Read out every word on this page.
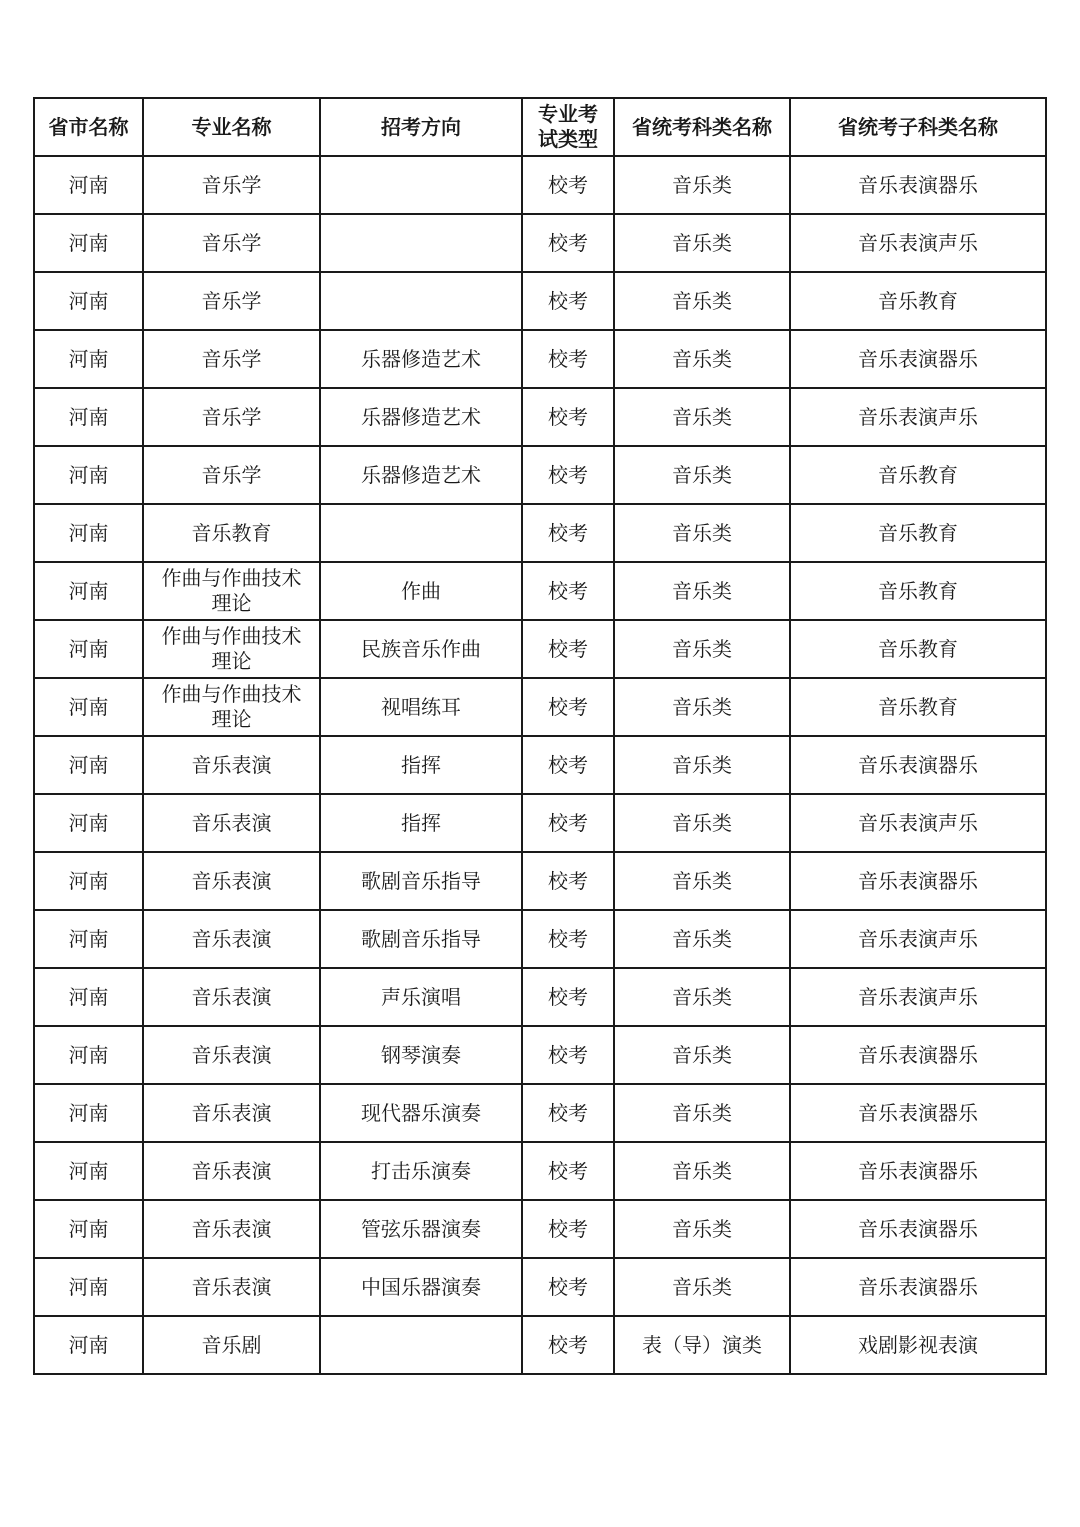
省市名称	专业名称	招考方向	专业考试类型	省统考科类名称	省统考子科类名称
河南	音乐学		校考	音乐类	音乐表演器乐
河南	音乐学		校考	音乐类	音乐表演声乐
河南	音乐学		校考	音乐类	音乐教育
河南	音乐学	乐器修造艺术	校考	音乐类	音乐表演器乐
河南	音乐学	乐器修造艺术	校考	音乐类	音乐表演声乐
河南	音乐学	乐器修造艺术	校考	音乐类	音乐教育
河南	音乐教育		校考	音乐类	音乐教育
河南	作曲与作曲技术理论	作曲	校考	音乐类	音乐教育
河南	作曲与作曲技术理论	民族音乐作曲	校考	音乐类	音乐教育
河南	作曲与作曲技术理论	视唱练耳	校考	音乐类	音乐教育
河南	音乐表演	指挥	校考	音乐类	音乐表演器乐
河南	音乐表演	指挥	校考	音乐类	音乐表演声乐
河南	音乐表演	歌剧音乐指导	校考	音乐类	音乐表演器乐
河南	音乐表演	歌剧音乐指导	校考	音乐类	音乐表演声乐
河南	音乐表演	声乐演唱	校考	音乐类	音乐表演声乐
河南	音乐表演	钢琴演奏	校考	音乐类	音乐表演器乐
河南	音乐表演	现代器乐演奏	校考	音乐类	音乐表演器乐
河南	音乐表演	打击乐演奏	校考	音乐类	音乐表演器乐
河南	音乐表演	管弦乐器演奏	校考	音乐类	音乐表演器乐
河南	音乐表演	中国乐器演奏	校考	音乐类	音乐表演器乐
河南	音乐剧		校考	表（导）演类	戏剧影视表演
